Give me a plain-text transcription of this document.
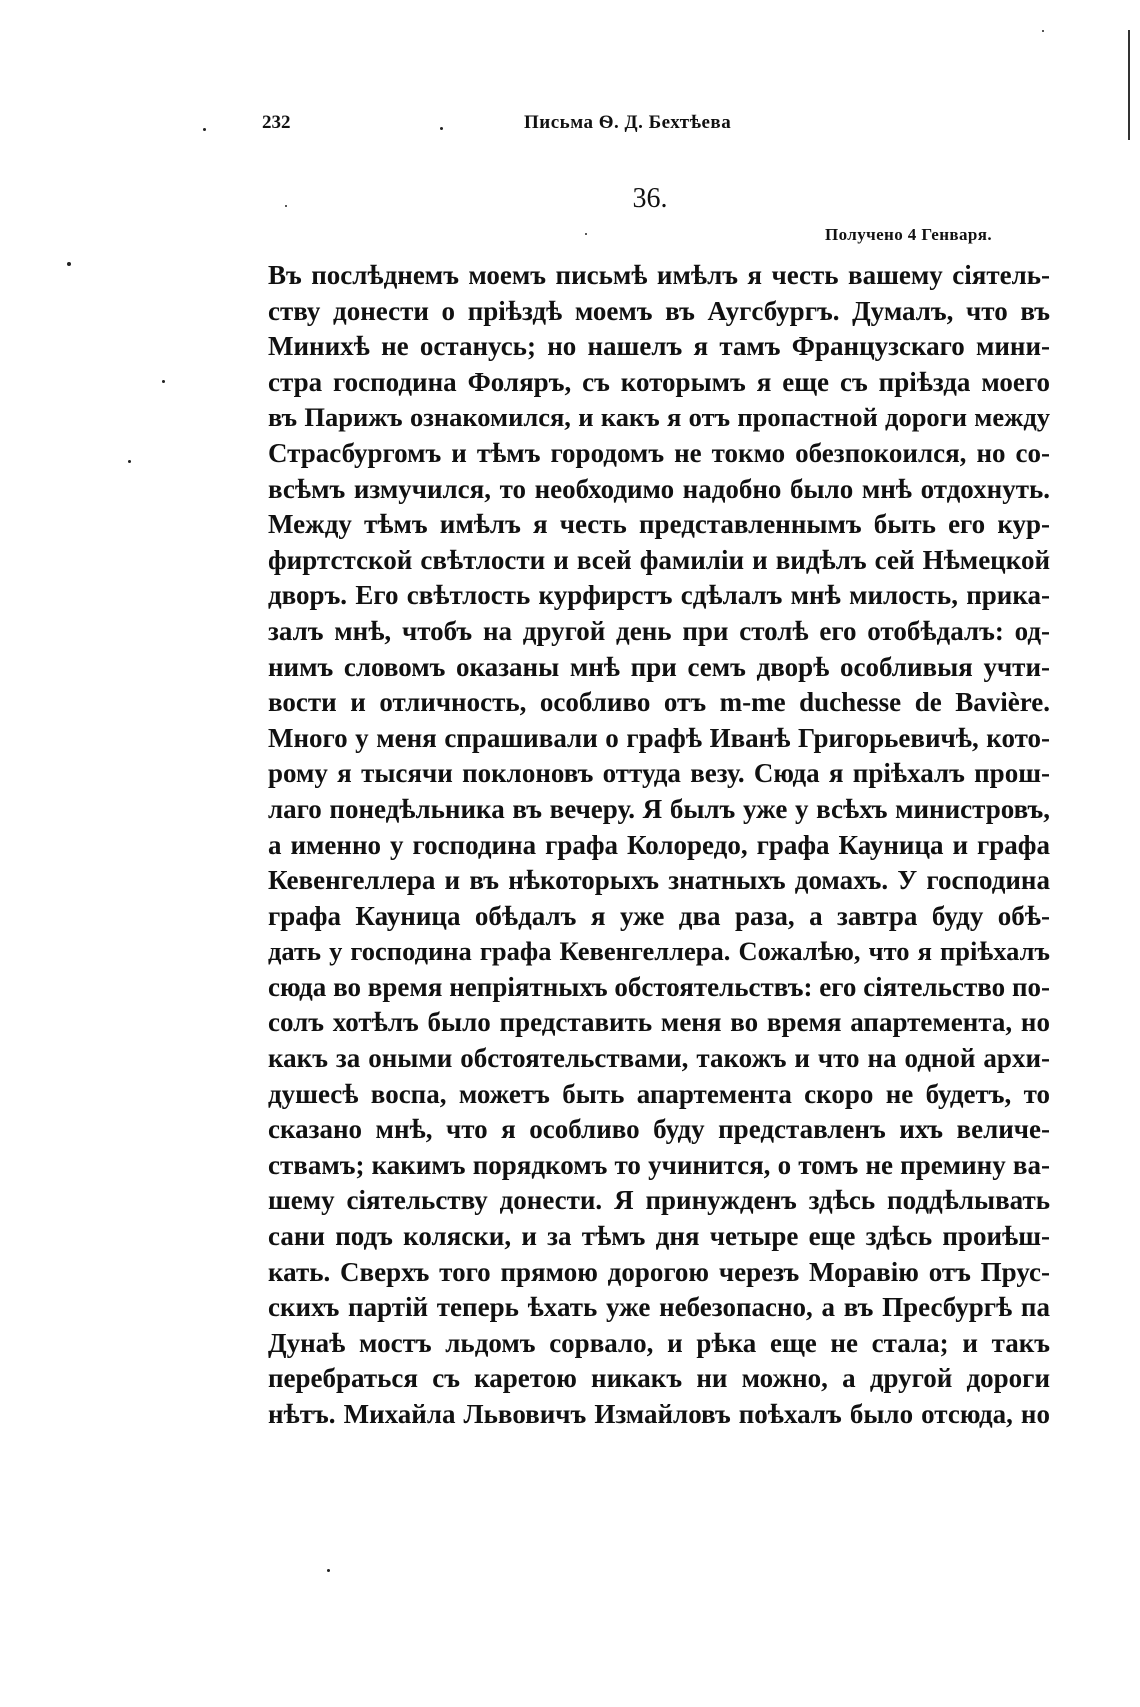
232	Письма Ѳ. Д. Бехтѣева
36.
Получено 4 Генваря.
Въ послѣднемъ моемъ письмѣ имѣлъ я честь вашему сіятель-
ству донести о пріѣздѣ моемъ въ Аугсбургъ. Думалъ, что въ
Минихѣ не останусь; но нашелъ я тамъ Французскаго мини-
стра господина Фоляръ, съ которымъ я еще съ пріѣзда моего
въ Парижъ ознакомился, и какъ я отъ пропастной дороги между
Страсбургомъ и тѣмъ городомъ не токмо обезпокоился, но со-
всѣмъ измучился, то необходимо надобно было мнѣ отдохнуть.
Между тѣмъ имѣлъ я честь представленнымъ быть его кур-
фиртстской свѣтлости и всей фамиліи и видѣлъ сей Нѣмецкой
дворъ. Его свѣтлость курфирстъ сдѣлалъ мнѣ милость, прика-
залъ мнѣ, чтобъ на другой день при столѣ его отобѣдалъ: од-
нимъ словомъ оказаны мнѣ при семъ дворѣ особливыя учти-
вости и отличность, особливо отъ m-me duchesse de Bavière.
Много у меня спрашивали о графѣ Иванѣ Григорьевичѣ, кото-
рому я тысячи поклоновъ оттуда везу. Сюда я пріѣхалъ прош-
лаго понедѣльника въ вечеру. Я былъ уже у всѣхъ министровъ,
а именно у господина графа Колоредо, графа Кауница и графа
Кевенгеллера и въ нѣкоторыхъ знатныхъ домахъ. У господина
графа Кауница обѣдалъ я уже два раза, а завтра буду обѣ-
дать у господина графа Кевенгеллера. Сожалѣю, что я пріѣхалъ
сюда во время непріятныхъ обстоятельствъ: его сіятельство по-
солъ хотѣлъ было представить меня во время апартемента, но
какъ за оными обстоятельствами, такожъ и что на одной архи-
душесѣ воспа, можетъ быть апартемента скоро не будетъ, то
сказано мнѣ, что я особливо буду представленъ ихъ величе-
ствамъ; какимъ порядкомъ то учинится, о томъ не премину ва-
шему сіятельству донести. Я принужденъ здѣсь поддѣлывать
сани подъ коляски, и за тѣмъ дня четыре еще здѣсь проиѣш-
кать. Сверхъ того прямою дорогою черезъ Моравію отъ Прус-
скихъ партій теперь ѣхать уже небезопасно, а въ Пресбургѣ па
Дунаѣ мостъ льдомъ сорвало, и рѣка еще не стала; и такъ
перебраться съ каретою никакъ ни можно, а другой дороги
нѣтъ. Михайла Львовичъ Измайловъ поѣхалъ было отсюда, но
